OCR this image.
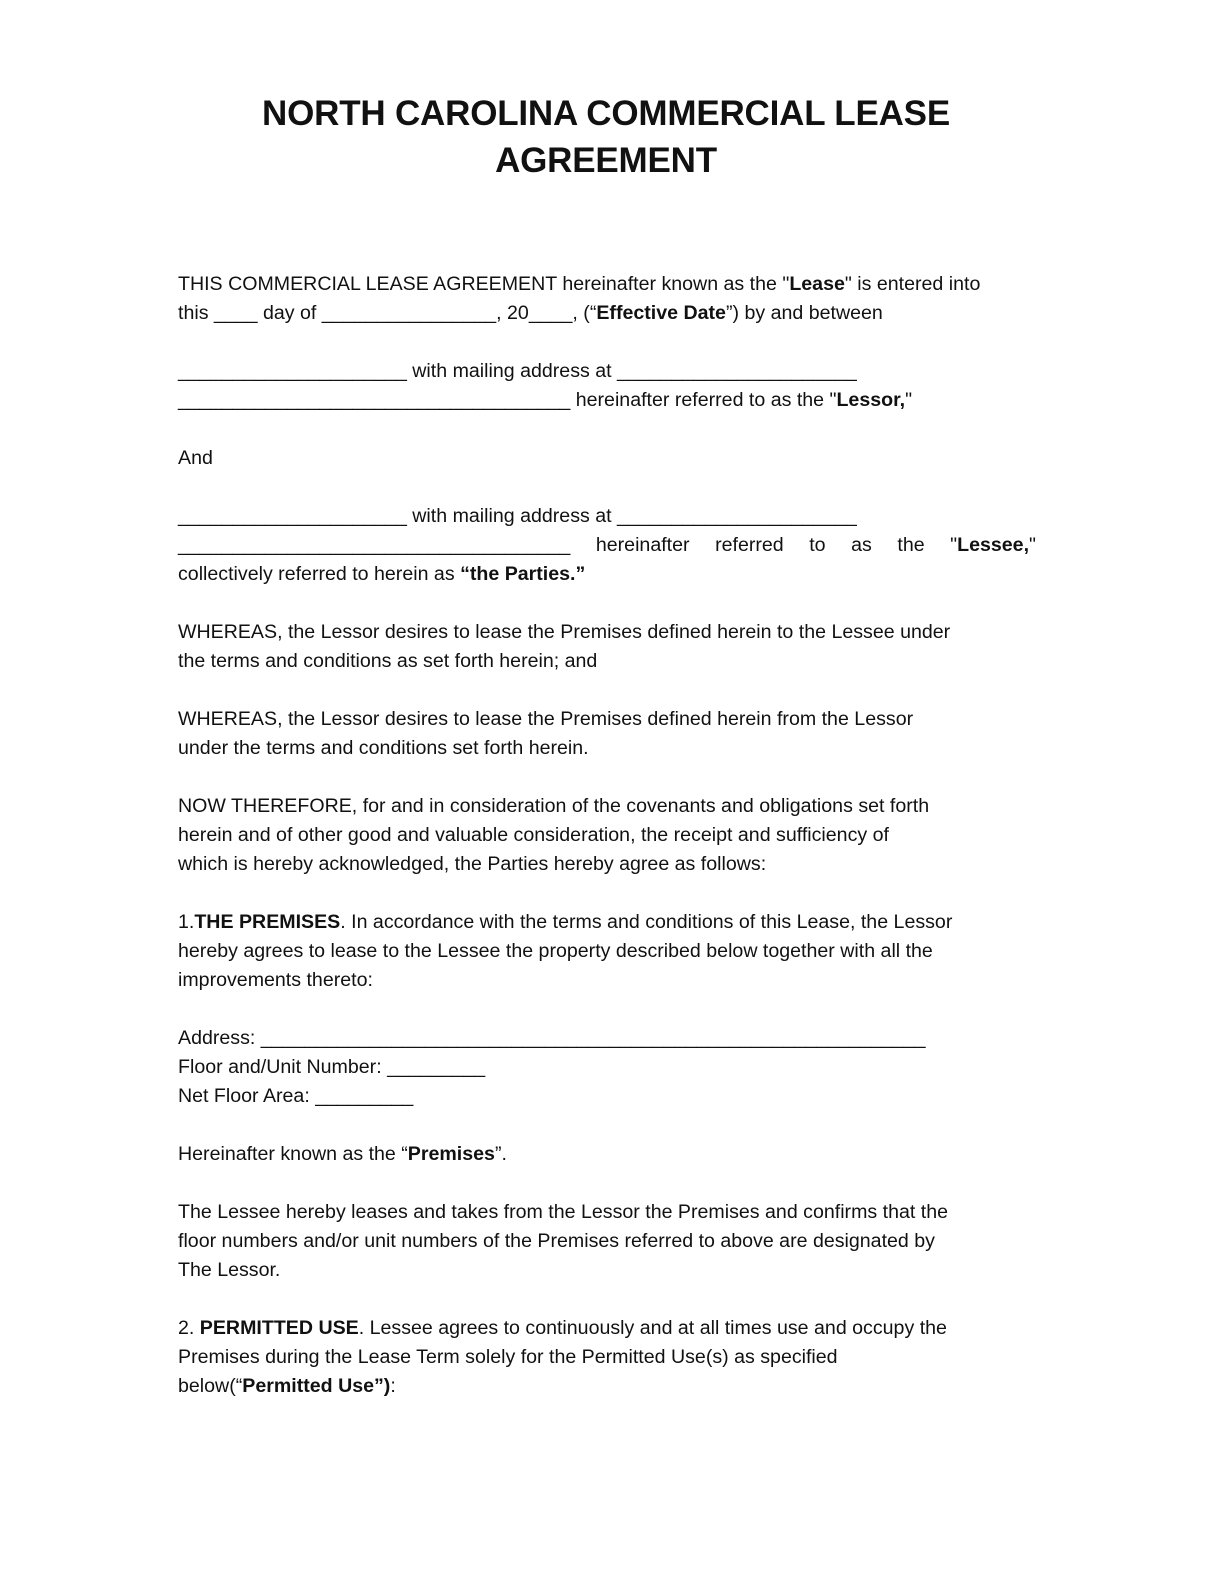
NORTH CAROLINA COMMERCIAL LEASE
AGREEMENT

THIS COMMERCIAL LEASE AGREEMENT hereinafter known as the "Lease" is entered into
this ____ day of ________________, 20____, (“Effective Date”) by and between

_____________________ with mailing address at ______________________
____________________________________ hereinafter referred to as the "Lessor,"

And

_____________________ with mailing address at ______________________

____________________________________  hereinafter  referred  to  as  the  "Lessee,"
collectively referred to herein as “the Parties.”

WHEREAS, the Lessor desires to lease the Premises defined herein to the Lessee under
the terms and conditions as set forth herein; and

WHEREAS, the Lessor desires to lease the Premises defined herein from the Lessor
under the terms and conditions set forth herein.

NOW THEREFORE, for and in consideration of the covenants and obligations set forth
herein and of other good and valuable consideration, the receipt and sufficiency of
which is hereby acknowledged, the Parties hereby agree as follows:

1.THE PREMISES. In accordance with the terms and conditions of this Lease, the Lessor
hereby agrees to lease to the Lessee the property described below together with all the
improvements thereto:

Address: _____________________________________________________________
Floor and/Unit Number: _________
Net Floor Area: _________

Hereinafter known as the “Premises”.

The Lessee hereby leases and takes from the Lessor the Premises and confirms that the
floor numbers and/or unit numbers of the Premises referred to above are designated by
The Lessor.

2. PERMITTED USE. Lessee agrees to continuously and at all times use and occupy the
Premises during the Lease Term solely for the Permitted Use(s) as specified
below(“Permitted Use”):
